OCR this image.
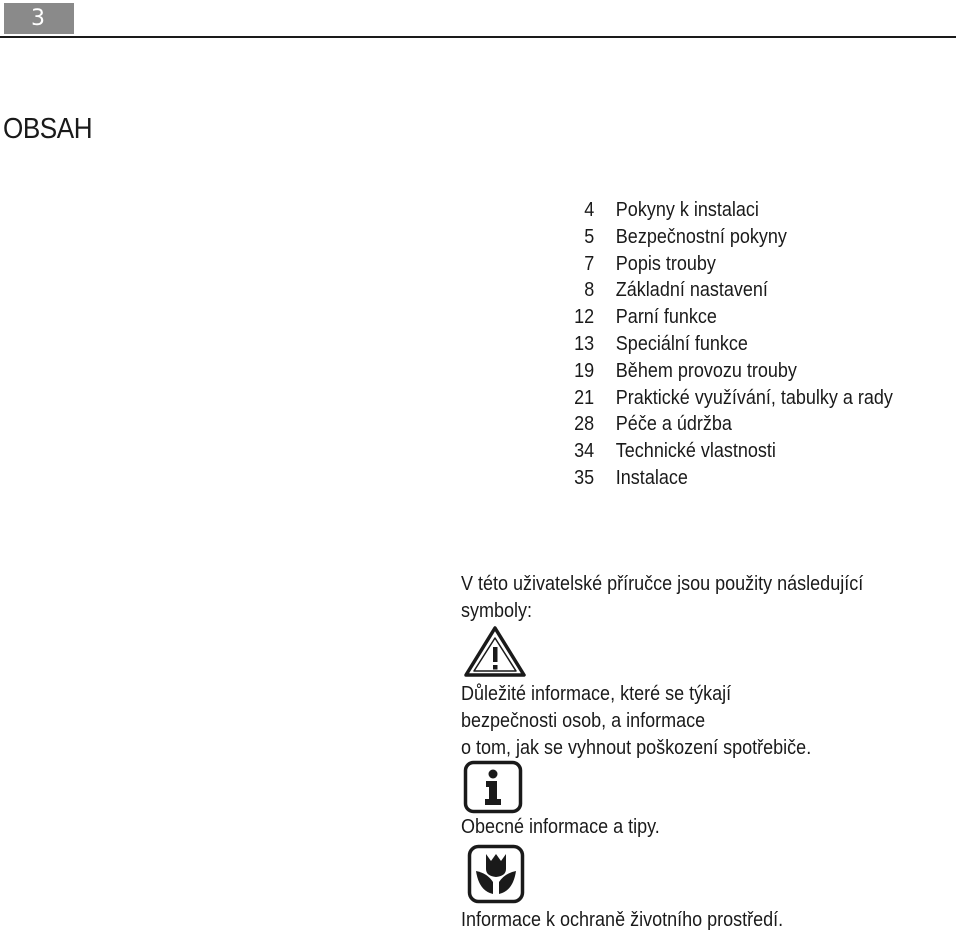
3
OBSAH
4 Pokyny k instalaci
5 Bezpečnostní pokyny
7 Popis trouby
8 Základní nastavení
12 Parní funkce
13 Speciální funkce
19 Během provozu trouby
21 Praktické využívání, tabulky a rady
28 Péče a údržba
34 Technické vlastnosti
35 Instalace

V této uživatelské příručce jsou použity následující
symboly:

Důležité informace, které se týkají
bezpečnosti osob, a informace
o tom, jak se vyhnout poškození spotřebiče.

Obecné informace a tipy.

Informace k ochraně životního prostředí.
